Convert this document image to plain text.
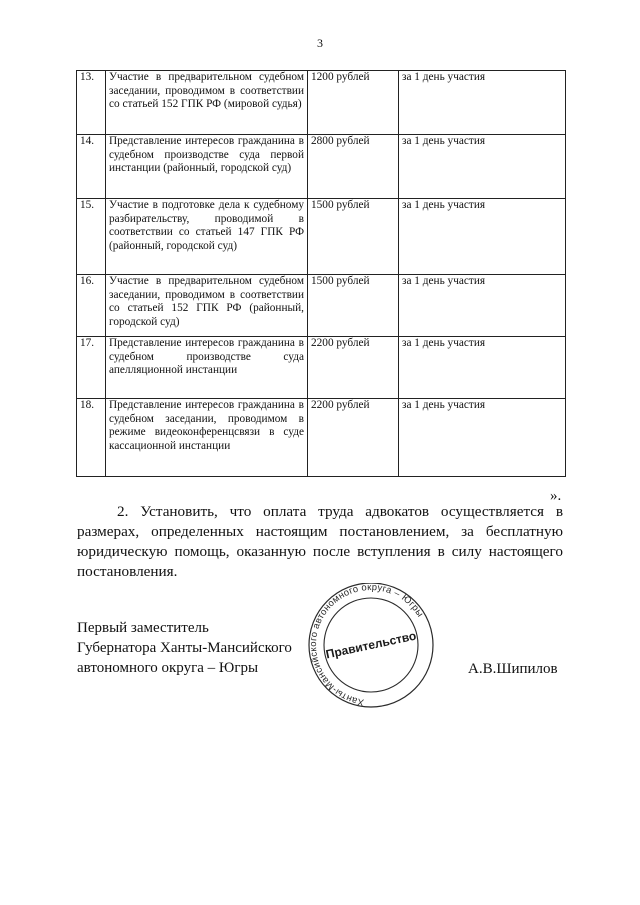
3
13.	Участие в предварительном судебном заседании, проводимом в соответствии со статьей 152 ГПК РФ (мировой судья)	1200 рублей	за 1 день участия
14.	Представление интересов гражданина в судебном производстве суда первой инстанции (районный, городской суд)	2800 рублей	за 1 день участия
15.	Участие в подготовке дела к судебному разбирательству, проводимой в соответствии со статьей 147 ГПК РФ (районный, городской суд)	1500 рублей	за 1 день участия
16.	Участие в предварительном судебном заседании, проводимом в соответствии со статьей 152 ГПК РФ (районный, городской суд)	1500 рублей	за 1 день участия
17.	Представление интересов гражданина в судебном производстве суда апелляционной инстанции	2200 рублей	за 1 день участия
18.	Представление интересов гражданина в судебном заседании, проводимом в режиме видеоконференцсвязи в суде кассационной инстанции	2200 рублей	за 1 день участия
».

2. Установить, что оплата труда адвокатов осуществляется в размерах, определенных настоящим постановлением, за бесплатную юридическую помощь, оказанную после вступления в силу настоящего постановления.

Первый заместитель
Губернатора Ханты-Мансийского
автономного округа – Югры	А.В.Шипилов
Ханты-Мансийского автономного округа – Югры
Правительство
